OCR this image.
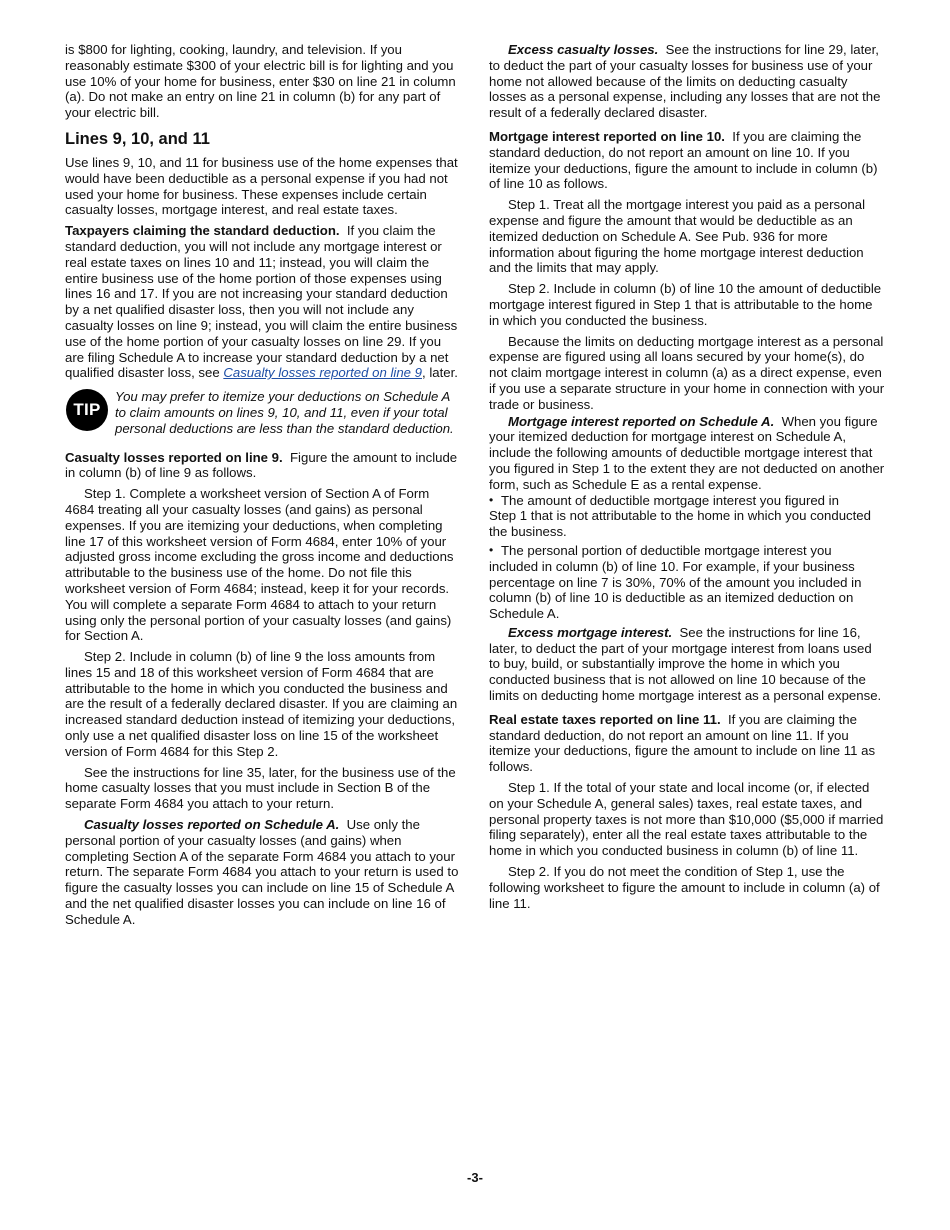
is $800 for lighting, cooking, laundry, and television. If you reasonably estimate $300 of your electric bill is for lighting and you use 10% of your home for business, enter $30 on line 21 in column (a). Do not make an entry on line 21 in column (b) for any part of your electric bill.

Lines 9, 10, and 11

Use lines 9, 10, and 11 for business use of the home expenses that would have been deductible as a personal expense if you had not used your home for business. These expenses include certain casualty losses, mortgage interest, and real estate taxes.

Taxpayers claiming the standard deduction. If you claim the standard deduction, you will not include any mortgage interest or real estate taxes on lines 10 and 11; instead, you will claim the entire business use of the home portion of those expenses using lines 16 and 17. If you are not increasing your standard deduction by a net qualified disaster loss, then you will not include any casualty losses on line 9; instead, you will claim the entire business use of the home portion of your casualty losses on line 29. If you are filing Schedule A to increase your standard deduction by a net qualified disaster loss, see Casualty losses reported on line 9, later.

TIP
You may prefer to itemize your deductions on Schedule A to claim amounts on lines 9, 10, and 11, even if your total personal deductions are less than the standard deduction.

Casualty losses reported on line 9. Figure the amount to include in column (b) of line 9 as follows.

Step 1. Complete a worksheet version of Section A of Form 4684 treating all your casualty losses (and gains) as personal expenses. If you are itemizing your deductions, when completing line 17 of this worksheet version of Form 4684, enter 10% of your adjusted gross income excluding the gross income and deductions attributable to the business use of the home. Do not file this worksheet version of Form 4684; instead, keep it for your records. You will complete a separate Form 4684 to attach to your return using only the personal portion of your casualty losses (and gains) for Section A.

Step 2. Include in column (b) of line 9 the loss amounts from lines 15 and 18 of this worksheet version of Form 4684 that are attributable to the home in which you conducted the business and are the result of a federally declared disaster. If you are claiming an increased standard deduction instead of itemizing your deductions, only use a net qualified disaster loss on line 15 of the worksheet version of Form 4684 for this Step 2.

See the instructions for line 35, later, for the business use of the home casualty losses that you must include in Section B of the separate Form 4684 you attach to your return.

Casualty losses reported on Schedule A. Use only the personal portion of your casualty losses (and gains) when completing Section A of the separate Form 4684 you attach to your return. The separate Form 4684 you attach to your return is used to figure the casualty losses you can include on line 15 of Schedule A and the net qualified disaster losses you can include on line 16 of Schedule A.

Excess casualty losses. See the instructions for line 29, later, to deduct the part of your casualty losses for business use of your home not allowed because of the limits on deducting casualty losses as a personal expense, including any losses that are not the result of a federally declared disaster.

Mortgage interest reported on line 10. If you are claiming the standard deduction, do not report an amount on line 10. If you itemize your deductions, figure the amount to include in column (b) of line 10 as follows.

Step 1. Treat all the mortgage interest you paid as a personal expense and figure the amount that would be deductible as an itemized deduction on Schedule A. See Pub. 936 for more information about figuring the home mortgage interest deduction and the limits that may apply.

Step 2. Include in column (b) of line 10 the amount of deductible mortgage interest figured in Step 1 that is attributable to the home in which you conducted the business.

Because the limits on deducting mortgage interest as a personal expense are figured using all loans secured by your home(s), do not claim mortgage interest in column (a) as a direct expense, even if you use a separate structure in your home in connection with your trade or business.

Mortgage interest reported on Schedule A. When you figure your itemized deduction for mortgage interest on Schedule A, include the following amounts of deductible mortgage interest that you figured in Step 1 to the extent they are not deducted on another form, such as Schedule E as a rental expense.

• The amount of deductible mortgage interest you figured in
Step 1 that is not attributable to the home in which you conducted the business.
• The personal portion of deductible mortgage interest you
included in column (b) of line 10. For example, if your business percentage on line 7 is 30%, 70% of the amount you included in column (b) of line 10 is deductible as an itemized deduction on Schedule A.

Excess mortgage interest. See the instructions for line 16, later, to deduct the part of your mortgage interest from loans used to buy, build, or substantially improve the home in which you conducted business that is not allowed on line 10 because of the limits on deducting home mortgage interest as a personal expense.

Real estate taxes reported on line 11. If you are claiming the standard deduction, do not report an amount on line 11. If you itemize your deductions, figure the amount to include on line 11 as follows.

Step 1. If the total of your state and local income (or, if elected on your Schedule A, general sales) taxes, real estate taxes, and personal property taxes is not more than $10,000 ($5,000 if married filing separately), enter all the real estate taxes attributable to the home in which you conducted business in column (b) of line 11.

Step 2. If you do not meet the condition of Step 1, use the following worksheet to figure the amount to include in column (a) of line 11.

-3-
